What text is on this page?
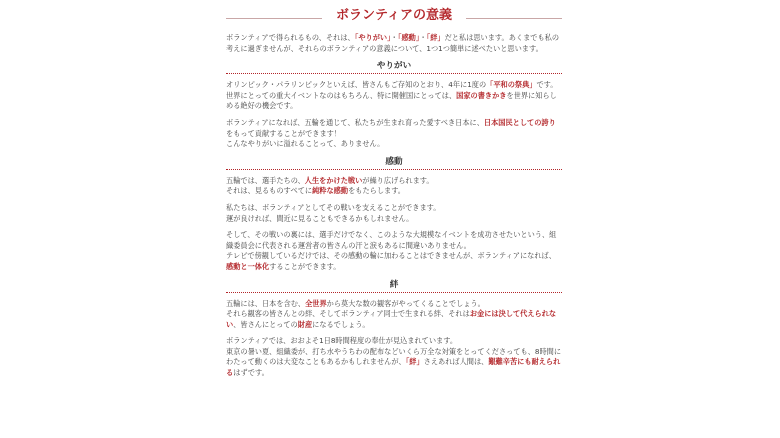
ボランティアの意義

ボランティアで得られるもの、それは、「やりがい」・「感動」・「絆」だと私は思います。あくまでも私の考えに過ぎませんが、それらのボランティアの意義について、1つ1つ簡単に述べたいと思います。

やりがい

オリンピック・パラリンピックといえば、皆さんもご存知のとおり、4年に1度の「平和の祭典」です。
世界にとっての重大イベントなのはもちろん、特に開催国にとっては、国家の書きかきを世界に知らしめる絶好の機会です。

ボランティアになれば、五輪を通じて、私たちが生まれ育った愛すべき日本に、日本国民としての誇りをもって貢献することができます！
こんなやりがいに溢れることって、ありません。

感動

五輪では、選手たちの、人生をかけた戦いが繰り広げられます。
それは、見るものすべてに純粋な感動をもたらします。

私たちは、ボランティアとしてその戦いを支えることができます。
運が良ければ、間近に見ることもできるかもしれません。

そして、その戦いの裏には、選手だけでなく、このような大規模なイベントを成功させたいという、組織委員会に代表される運営者の皆さんの汗と涙もあるに間違いありません。
テレビで傍観しているだけでは、その感動の輪に加わることはできませんが、ボランティアになれば、感動と一体化することができます。

絆

五輪には、日本を含む、全世界から莫大な数の観客がやってくることでしょう。
それら観客の皆さんとの絆、そしてボランティア同士で生まれる絆、それはお金には決して代えられない、皆さんにとっての財産になるでしょう。

ボランティアでは、おおよそ1日8時間程度の奉仕が見込まれています。
東京の暑い夏、組織委が、打ち水やうちわの配布などいくら万全な対策をとってくださっても、8時間にわたって動くのは大変なこともあるかもしれませんが、「絆」さえあれば人間は、艱難辛苦にも耐えられるはずです。
